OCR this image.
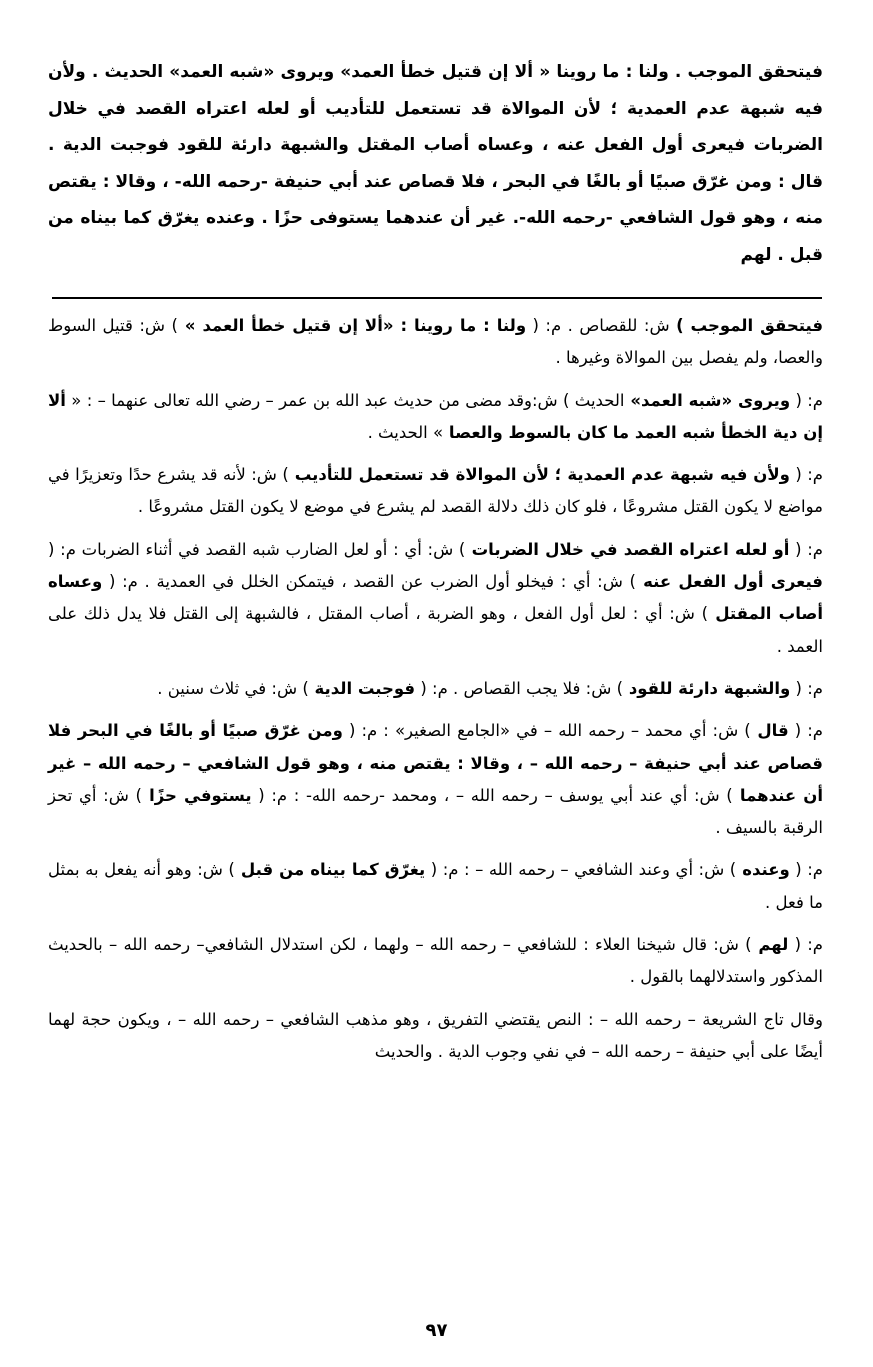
فيتحقق الموجب . ولنا : ما روينا « ألا إن قتيل خطأ العمد» ويروى «شبه العمد» الحديث . ولأن فيه شبهة عدم العمدية ؛ لأن الموالاة قد تستعمل للتأديب أو لعله اعتراه القصد في خلال الضربات فيعرى أول الفعل عنه ، وعساه أصاب المقتل والشبهة دارئة للقود فوجبت الدية . قال : ومن غرّق صبيًا أو بالغًا في البحر ، فلا قصاص عند أبي حنيفة -رحمه الله- ، وقالا : يقتص منه ، وهو قول الشافعي -رحمه الله-. غير أن عندهما يستوفى حزًا . وعنده يغرّق كما بيناه من قبل . لهم

فيتحقق الموجب ) ش: للقصاص . م: ( ولنا : ما روينا : «ألا إن قتيل خطأ العمد » ) ش: قتيل السوط والعصا، ولم يفصل بين الموالاة وغيرها .

م: ( ويروى «شبه العمد» الحديث ) ش:وقد مضى من حديث عبد الله بن عمر – رضي الله تعالى عنهما – : « ألا إن دية الخطأ شبه العمد ما كان بالسوط والعصا » الحديث .

م: ( ولأن فيه شبهة عدم العمدية ؛ لأن الموالاة قد تستعمل للتأديب ) ش: لأنه قد يشرع حدًا وتعزيرًا في مواضع لا يكون القتل مشروعًا ، فلو كان ذلك دلالة القصد لم يشرع في موضع لا يكون القتل مشروعًا .

م: ( أو لعله اعتراه القصد في خلال الضربات ) ش: أي : أو لعل الضارب شبه القصد في أثناء الضربات م: ( فيعرى أول الفعل عنه ) ش: أي : فيخلو أول الضرب عن القصد ، فيتمكن الخلل في العمدية . م: ( وعساه أصاب المقتل ) ش: أي : لعل أول الفعل ، وهو الضربة ، أصاب المقتل ، فالشبهة إلى القتل فلا يدل ذلك على العمد .

م: ( والشبهة دارئة للقود ) ش: فلا يجب القصاص . م: ( فوجبت الدية ) ش: في ثلاث سنين .

م: ( قال ) ش: أي محمد – رحمه الله – في «الجامع الصغير» : م: ( ومن غرّق صبيًا أو بالغًا في البحر فلا قصاص عند أبي حنيفة – رحمه الله – ، وقالا : يقتص منه ، وهو قول الشافعي – رحمه الله – غير أن عندهما ) ش: أي عند أبي يوسف – رحمه الله – ، ومحمد -رحمه الله- : م: ( يستوفي حزًا ) ش: أي تحز الرقبة بالسيف .

م: ( وعنده ) ش: أي وعند الشافعي – رحمه الله – : م: ( يغرّق كما بيناه من قبل ) ش: وهو أنه يفعل به بمثل ما فعل .

م: ( لهم ) ش: قال شيخنا العلاء : للشافعي – رحمه الله – ولهما ، لكن استدلال الشافعي– رحمه الله – بالحديث المذكور واستدلالهما بالقول .

وقال تاج الشريعة – رحمه الله – : النص يقتضي التفريق ، وهو مذهب الشافعي – رحمه الله – ، ويكون حجة لهما أيضًا على أبي حنيفة – رحمه الله – في نفي وجوب الدية . والحديث

٩٧
